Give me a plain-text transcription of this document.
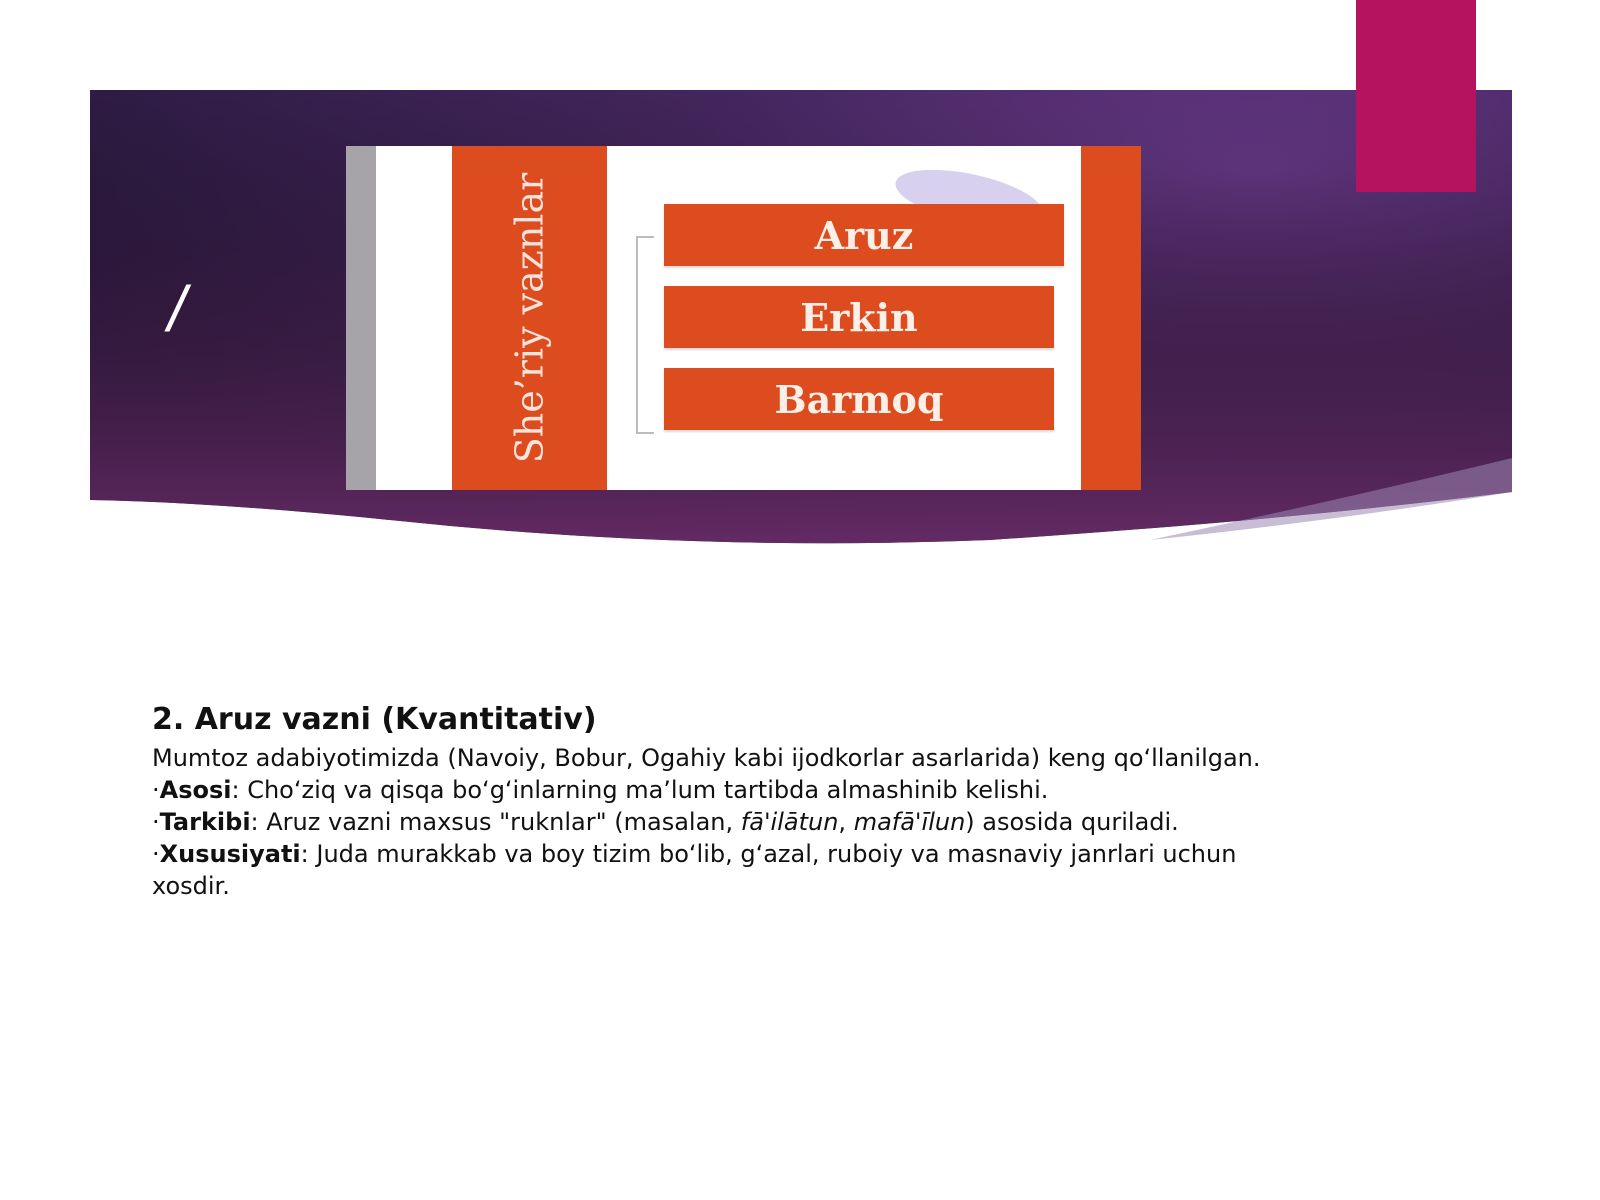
/	She’riy vaznlar	Aruz
Erkin
Barmoq

2. Aruz vazni (Kvantitativ)

Mumtoz adabiyotimizda (Navoiy, Bobur, Ogahiy kabi ijodkorlar asarlarida) keng qo‘llanilgan.

·Asosi: Cho‘ziq va qisqa bo‘g‘inlarning ma’lum tartibda almashinib kelishi.

·Tarkibi: Aruz vazni maxsus "ruknlar" (masalan, fā'ilātun, mafā'īlun) asosida quriladi.

·Xususiyati: Juda murakkab va boy tizim bo‘lib, g‘azal, ruboiy va masnaviy janrlari uchun xosdir.
